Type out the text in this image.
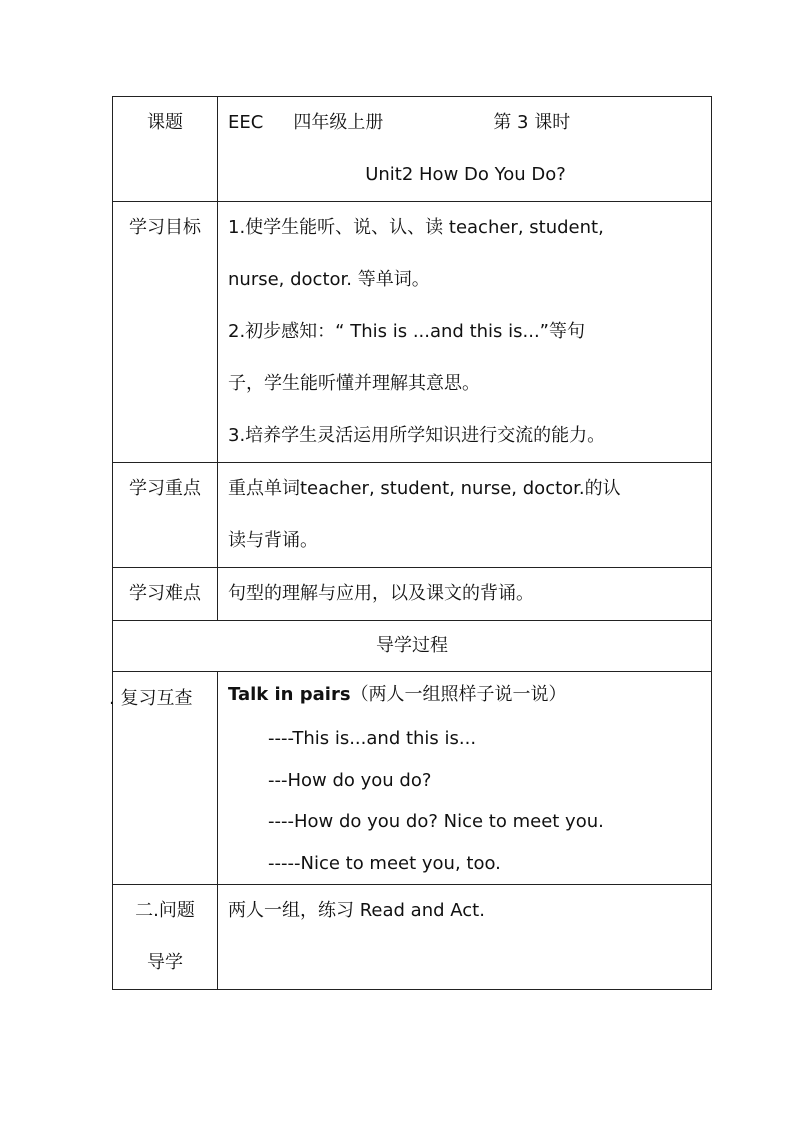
课题	EEC 四年级上册 第 3 课时
Unit2 How Do You Do?

学习目标	1.使学生能听、说、认、读 teacher, student,
nurse, doctor. 等单词。
2.初步感知：“ This is ...and this is...”等句
子，学生能听懂并理解其意思。
3.培养学生灵活运用所学知识进行交流的能力。

学习重点	重点单词teacher, student, nurse, doctor.的认
读与背诵。

学习难点	句型的理解与应用，以及课文的背诵。

导学过程	

. 复习互查	Talk in pairs（两人一组照样子说一说）
----This is...and this is...
---How do you do?
----How do you do? Nice to meet you.
-----Nice to meet you, too.

二.问题
导学	两人一组，练习 Read and Act.
